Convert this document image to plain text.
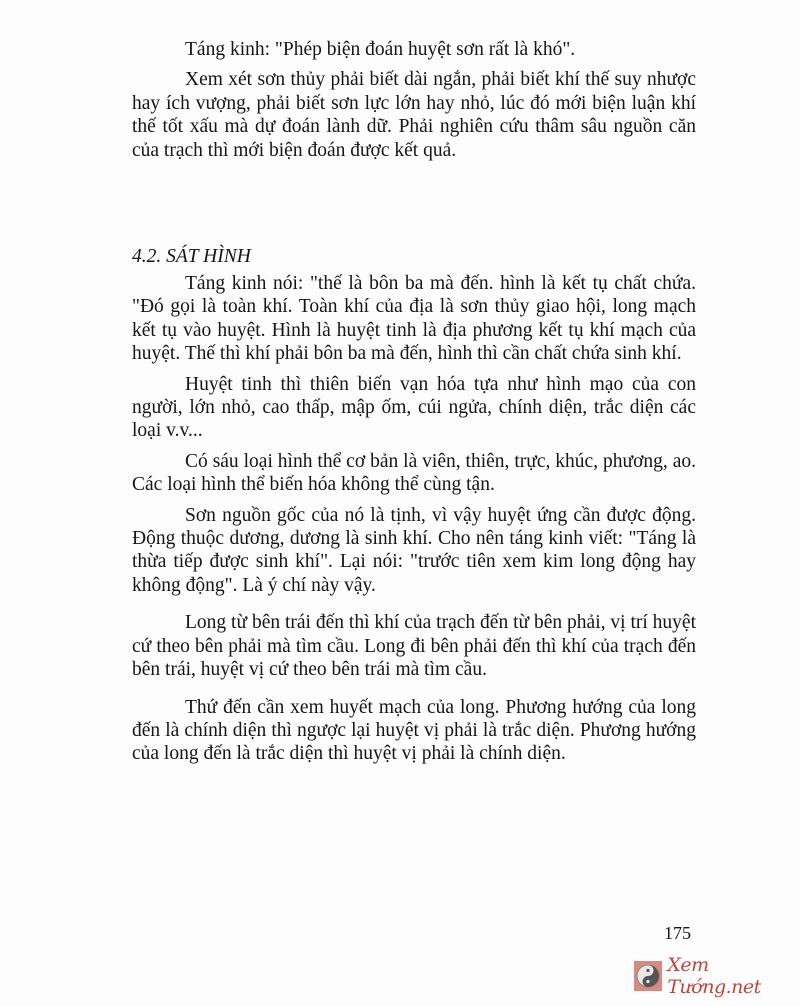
Táng kinh: "Phép biện đoán huyệt sơn rất là khó".

Xem xét sơn thủy phải biết dài ngắn, phải biết khí thế suy nhược hay ích vượng, phải biết sơn lực lớn hay nhỏ, lúc đó mới biện luận khí thế tốt xấu mà dự đoán lành dữ. Phải nghiên cứu thâm sâu nguồn căn của trạch thì mới biện đoán được kết quả.

4.2. SÁT HÌNH

Táng kinh nói: "thế là bôn ba mà đến. hình là kết tụ chất chứa. "Đó gọi là toàn khí. Toàn khí của địa là sơn thủy giao hội, long mạch kết tụ vào huyệt. Hình là huyệt tinh là địa phương kết tụ khí mạch của huyệt. Thế thì khí phải bôn ba mà đến, hình thì cần chất chứa sinh khí.

Huyệt tinh thì thiên biến vạn hóa tựa như hình mạo của con người, lớn nhỏ, cao thấp, mập ốm, cúi ngửa, chính diện, trắc diện các loại v.v...

Có sáu loại hình thể cơ bản là viên, thiên, trực, khúc, phương, ao. Các loại hình thể biến hóa không thể cùng tận.

Sơn nguồn gốc của nó là tịnh, vì vậy huyệt ứng cần được động. Động thuộc dương, dương là sinh khí. Cho nên táng kinh viết: "Táng là thừa tiếp được sinh khí". Lại nói: "trước tiên xem kim long động hay không động". Là ý chí này vậy.

Long từ bên trái đến thì khí của trạch đến từ bên phải, vị trí huyệt cứ theo bên phải mà tìm cầu. Long đi bên phải đến thì khí của trạch đến bên trái, huyệt vị cứ theo bên trái mà tìm cầu.

Thứ đến cần xem huyết mạch của long. Phương hướng của long đến là chính diện thì ngược lại huyệt vị phải là trắc diện. Phương hướng của long đến là trắc diện thì huyệt vị phải là chính diện.

175
Xem Tướng.net
